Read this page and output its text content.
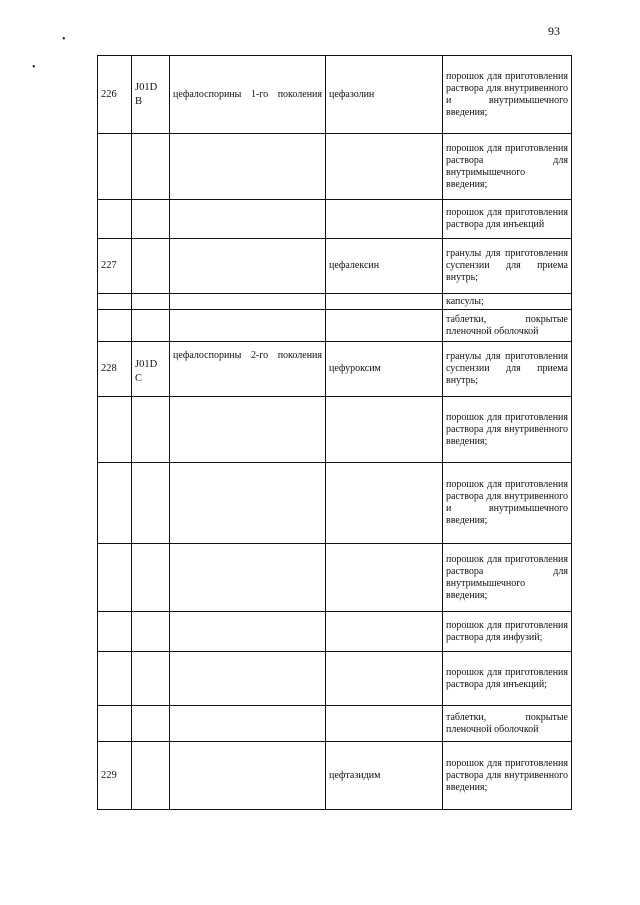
93
•
•
226	J01D B	цефалоспорины 1-го поколения	цефазолин	порошок для приготовления раствора для внутривенного и внутримышечного введения;
				порошок для приготовления раствора для внутримышечного введения;
				порошок для приготовления раствора для инъекций
227			цефалексин	гранулы для приготовления суспензии для приема внутрь;
				капсулы;
				таблетки, покрытые пленочной оболочкой
228	J01D C	цефалоспорины 2-го поколения	цефуроксим	гранулы для приготовления суспензии для приема внутрь;
				порошок для приготовления раствора для внутривенного введения;
				порошок для приготовления раствора для внутривенного и внутримышечного введения;
				порошок для приготовления раствора для внутримышечного введения;
				порошок для приготовления раствора для инфузий;
				порошок для приготовления раствора для инъекций;
				таблетки, покрытые пленочной оболочкой
229			цефтазидим	порошок для приготовления раствора для внутривенного введения;
